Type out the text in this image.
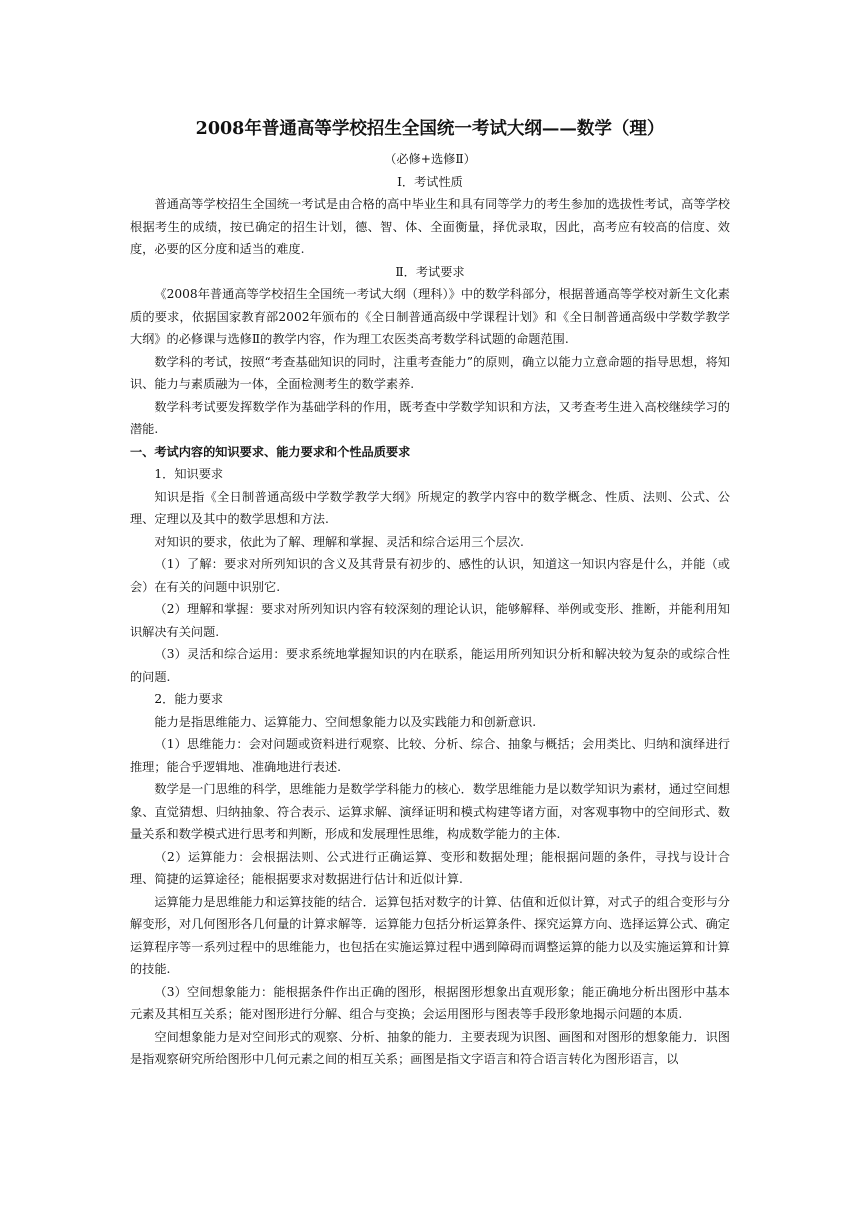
2008年普通高等学校招生全国统一考试大纲——数学（理）
（必修+选修Ⅱ）
Ⅰ．考试性质

普通高等学校招生全国统一考试是由合格的高中毕业生和具有同等学力的考生参加的选拔性考试，高等学校根据考生的成绩，按已确定的招生计划，德、智、体、全面衡量，择优录取，因此，高考应有较高的信度、效度，必要的区分度和适当的难度.

Ⅱ．考试要求

《2008年普通高等学校招生全国统一考试大纲（理科）》中的数学科部分，根据普通高等学校对新生文化素质的要求，依据国家教育部2002年颁布的《全日制普通高级中学课程计划》和《全日制普通高级中学数学教学大纲》的必修课与选修Ⅱ的教学内容，作为理工农医类高考数学科试题的命题范围.

数学科的考试，按照“考查基础知识的同时，注重考查能力”的原则，确立以能力立意命题的指导思想，将知识、能力与素质融为一体，全面检测考生的数学素养.

数学科考试要发挥数学作为基础学科的作用，既考查中学数学知识和方法，又考查考生进入高校继续学习的潜能.

一、考试内容的知识要求、能力要求和个性品质要求
1．知识要求

知识是指《全日制普通高级中学数学教学大纲》所规定的教学内容中的数学概念、性质、法则、公式、公理、定理以及其中的数学思想和方法.

对知识的要求，依此为了解、理解和掌握、灵活和综合运用三个层次.

（1）了解：要求对所列知识的含义及其背景有初步的、感性的认识，知道这一知识内容是什么，并能（或会）在有关的问题中识别它.

（2）理解和掌握：要求对所列知识内容有较深刻的理论认识，能够解释、举例或变形、推断，并能利用知识解决有关问题.

（3）灵活和综合运用：要求系统地掌握知识的内在联系，能运用所列知识分析和解决较为复杂的或综合性的问题.

2．能力要求

能力是指思维能力、运算能力、空间想象能力以及实践能力和创新意识.

（1）思维能力：会对问题或资料进行观察、比较、分析、综合、抽象与概括；会用类比、归纳和演绎进行推理；能合乎逻辑地、准确地进行表述.

数学是一门思维的科学，思维能力是数学学科能力的核心．数学思维能力是以数学知识为素材，通过空间想象、直觉猜想、归纳抽象、符合表示、运算求解、演绎证明和模式构建等诸方面，对客观事物中的空间形式、数量关系和数学模式进行思考和判断，形成和发展理性思维，构成数学能力的主体.

（2）运算能力：会根据法则、公式进行正确运算、变形和数据处理；能根据问题的条件，寻找与设计合理、简捷的运算途径；能根据要求对数据进行估计和近似计算.

运算能力是思维能力和运算技能的结合．运算包括对数字的计算、估值和近似计算，对式子的组合变形与分解变形，对几何图形各几何量的计算求解等．运算能力包括分析运算条件、探究运算方向、选择运算公式、确定运算程序等一系列过程中的思维能力，也包括在实施运算过程中遇到障碍而调整运算的能力以及实施运算和计算的技能.

（3）空间想象能力：能根据条件作出正确的图形，根据图形想象出直观形象；能正确地分析出图形中基本元素及其相互关系；能对图形进行分解、组合与变换；会运用图形与图表等手段形象地揭示问题的本质.

空间想象能力是对空间形式的观察、分析、抽象的能力．主要表现为识图、画图和对图形的想象能力．识图是指观察研究所给图形中几何元素之间的相互关系；画图是指文字语言和符合语言转化为图形语言，以
